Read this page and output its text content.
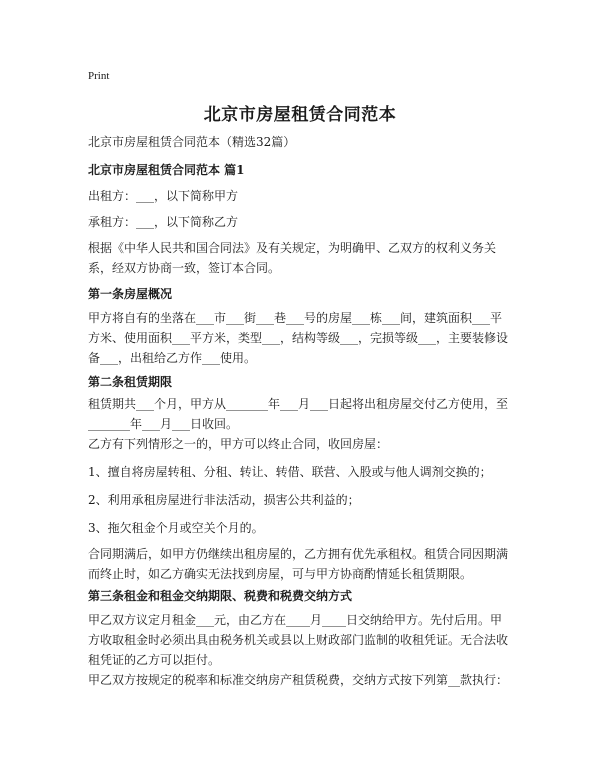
Print
北京市房屋租赁合同范本
北京市房屋租赁合同范本（精选32篇）
北京市房屋租赁合同范本 篇1
出租方：___，以下简称甲方
承租方：___，以下简称乙方
根据《中华人民共和国合同法》及有关规定，为明确甲、乙双方的权利义务关系，经双方协商一致，签订本合同。
第一条房屋概况
甲方将自有的坐落在___市___街___巷___号的房屋___栋___间，建筑面积___平方米、使用面积___平方米，类型___，结构等级___，完损等级___，主要装修设备___，出租给乙方作___使用。
第二条租赁期限
租赁期共___个月，甲方从_______年___月___日起将出租房屋交付乙方使用，至_______年___月___日收回。
乙方有下列情形之一的，甲方可以终止合同，收回房屋：
1、擅自将房屋转租、分租、转让、转借、联营、入股或与他人调剂交换的；
2、利用承租房屋进行非法活动，损害公共利益的；
3、拖欠租金个月或空关个月的。
合同期满后，如甲方仍继续出租房屋的，乙方拥有优先承租权。租赁合同因期满而终止时，如乙方确实无法找到房屋，可与甲方协商酌情延长租赁期限。
第三条租金和租金交纳期限、税费和税费交纳方式
甲乙双方议定月租金___元，由乙方在____月____日交纳给甲方。先付后用。甲方收取租金时必须出具由税务机关或县以上财政部门监制的收租凭证。无合法收租凭证的乙方可以拒付。
甲乙双方按规定的税率和标准交纳房产租赁税费，交纳方式按下列第__款执行：
